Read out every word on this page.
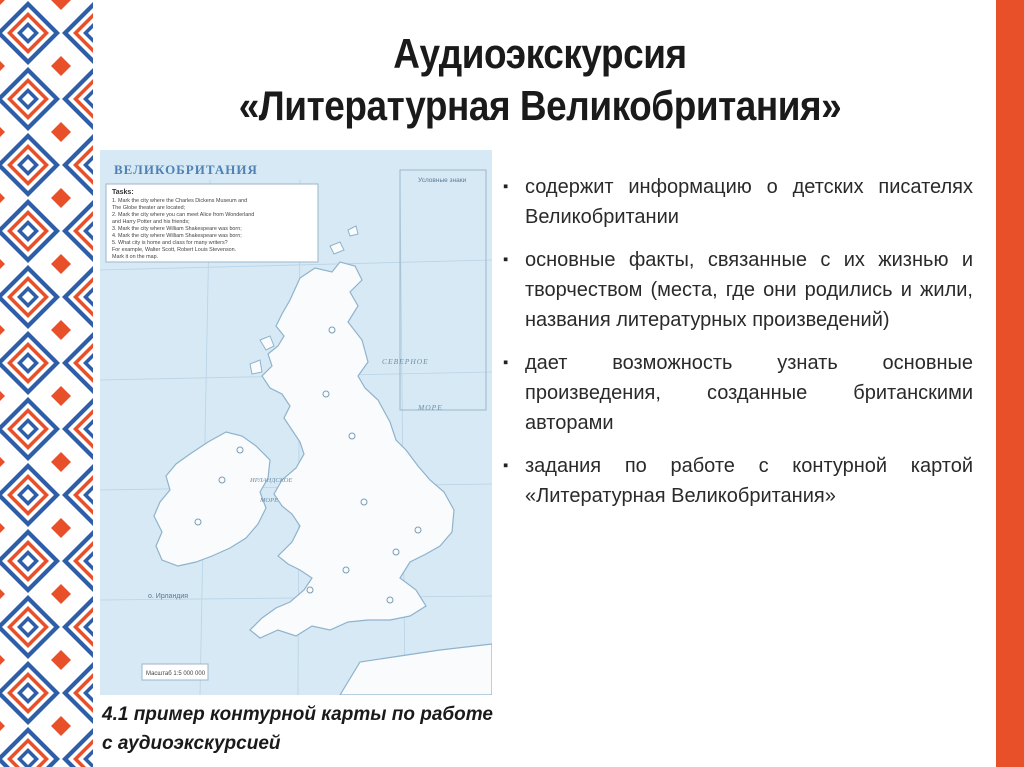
Аудиоэкскурсия
«Литературная Великобритания»
ВЕЛИКОБРИТАНИЯ
Tasks:
1. Mark the city where the Charles Dickens Museum and
The Globe theater are located;
2. Mark the city where you can meet Alice from Wonderland
and Harry Potter and his friends;
3. Mark the city where William Shakespeare was born;
4. Mark the city where William Shakespeare was born;
5. What city is home and class for many writers?
For example, Walter Scott, Robert Louis Stevenson.
Mark it on the map.
Условные знаки
СЕВЕРНОЕ
МОРЕ
ИРЛАНДСКОЕ
МОРЕ
о. Ирландия
Масштаб 1:5 000 000
▪ содержит информацию о детских писателях Великобритании
▪ основные факты, связанные с их жизнью и творчеством (места, где они родились и жили, названия литературных произведений)
▪ дает возможность узнать основные произведения, созданные британскими авторами
▪ задания по работе с контурной картой «Литературная Великобритания»
4.1 пример контурной карты по работе
с аудиоэкскурсией
